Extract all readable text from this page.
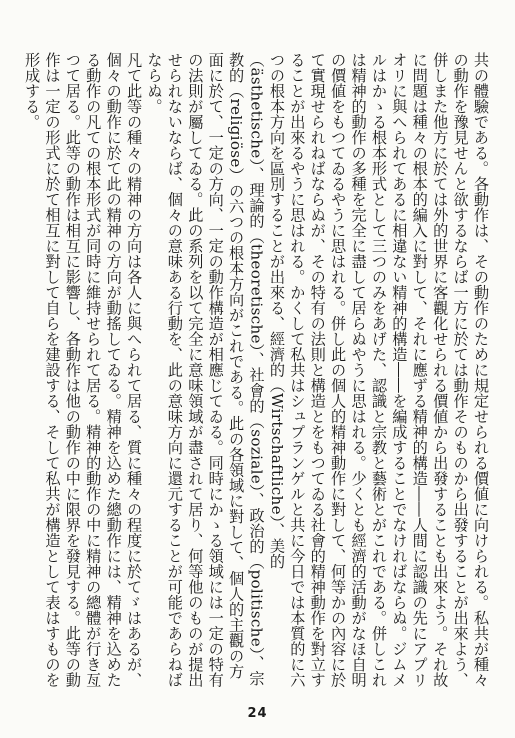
共の體驗である。各動作は、その動作のために規定せられる價値に向けられる。私共が種々の動作を豫見せんと欲するならば一方に於ては動作そのものから出發することが出來よう、併しまた他方に於ては外的世界に客觀化せられる價値から出發することも出來よう。それ故に問題は種々の根本的編入に對して、それに應ずる精神的構造――人間に認識の先にアプリオリに與へられてあるに相違ない精神的構造――を編成することでなければならぬ。ジムメルはかゝる根本形式として三つのみをあげた、認識と宗教と藝術とがこれである。併しこれは精神的動作の多種を完全に盡して居らぬやうに思はれる。少くとも經濟的活動がなほ自明の價値をもつてゐるやうに思はれる。併し此の個人的精神動作に對して、何等かの內容に於て實現せられねばならぬが、その特有の法則と構造とをもつてゐる社會的精神動作を對立することが出來るやうに思はれる。かくして私共はシュプランゲルと共に今日では本質的に六つの根本方向を區別することが出來る、經濟的（Wirtschaftliche）、美的（ästhetische）、理論的（theoretische）、社會的（soziale）、政治的（politische）、宗教的（religiöse）の六つの根本方向がこれである。此の各領域に對して、個人的主觀の方面に於て、一定の方向、一定の動作構造が相應じてゐる。同時にかゝる領域には一定の特有の法則が屬してゐる。此の系列を以て完全に意味領域が盡されて居り、何等他のものが提出せられないならば、個々の意味ある行動を、此の意味方向に還元することが可能であらねばならぬ。

凡て此等の種々の精神の方向は各人に與へられて居る、質に種々の程度に於てゞはあるが、個々の動作に於て此の精神の方向が動搖してゐる。精神を込めた總動作には、精神を込めたる動作の凡ての根本形式が同時に維持せられて居る。精神的動作の中に精神の總體が行き亙つて居る。此等の動作は相互に影響し、各動作は他の動作の中に限界を發見する。此等の動作は一定の形式に於て相互に對して自らを建設する、そして私共が構造として表はすものを形成する。

24
